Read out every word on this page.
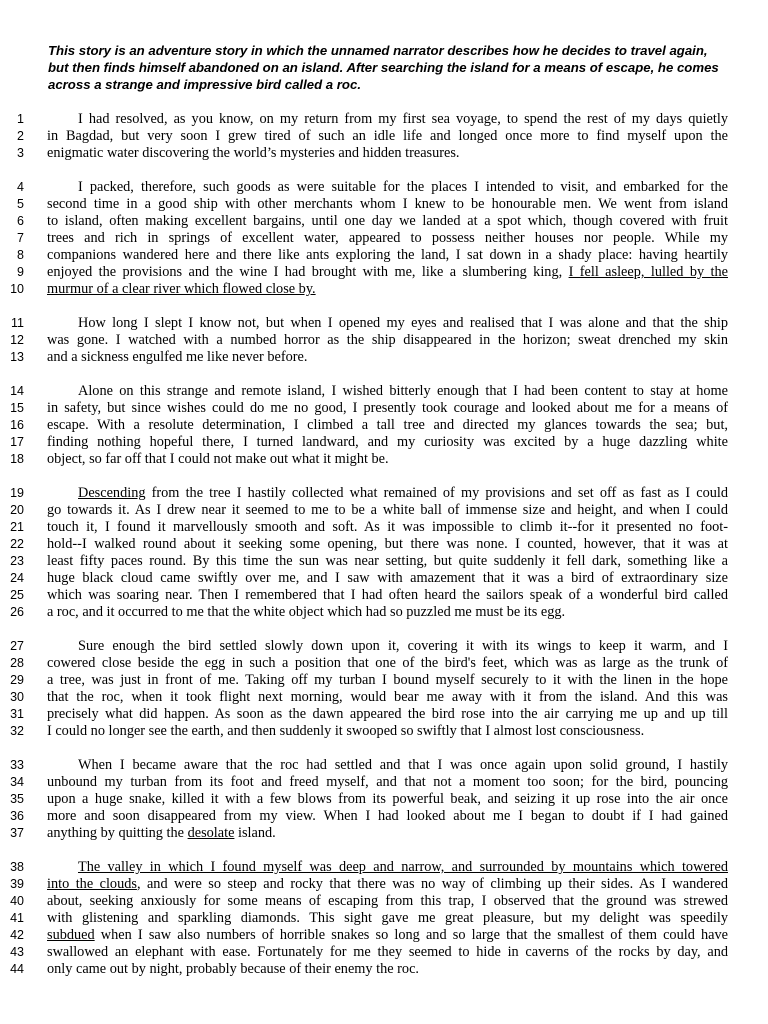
This story is an adventure story in which the unnamed narrator describes how he decides to travel again, but then finds himself abandoned on an island. After searching the island for a means of escape, he comes across a strange and impressive bird called a roc.

1	I had resolved, as you know, on my return from my first sea voyage, to spend the rest of my days quietly
2 in Bagdad, but very soon I grew tired of such an idle life and longed once more to find myself upon the
3 enigmatic water discovering the world’s mysteries and hidden treasures.
4	I packed, therefore, such goods as were suitable for the places I intended to visit, and embarked for the
5 second time in a good ship with other merchants whom I knew to be honourable men. We went from island
6 to island, often making excellent bargains, until one day we landed at a spot which, though covered with fruit
7 trees and rich in springs of excellent water, appeared to possess neither houses nor people. While my
8 companions wandered here and there like ants exploring the land, I sat down in a shady place: having heartily
9 enjoyed the provisions and the wine I had brought with me, like a slumbering king, I fell asleep, lulled by the
10 murmur of a clear river which flowed close by.
11	How long I slept I know not, but when I opened my eyes and realised that I was alone and that the ship
12 was gone. I watched with a numbed horror as the ship disappeared in the horizon; sweat drenched my skin
13 and a sickness engulfed me like never before.
14	Alone on this strange and remote island, I wished bitterly enough that I had been content to stay at home
15 in safety, but since wishes could do me no good, I presently took courage and looked about me for a means of
16 escape. With a resolute determination, I climbed a tall tree and directed my glances towards the sea; but,
17 finding nothing hopeful there, I turned landward, and my curiosity was excited by a huge dazzling white
18 object, so far off that I could not make out what it might be.
19	Descending from the tree I hastily collected what remained of my provisions and set off as fast as I could
20 go towards it. As I drew near it seemed to me to be a white ball of immense size and height, and when I could
21 touch it, I found it marvellously smooth and soft. As it was impossible to climb it--for it presented no foot-
22 hold--I walked round about it seeking some opening, but there was none. I counted, however, that it was at
23 least fifty paces round. By this time the sun was near setting, but quite suddenly it fell dark, something like a
24 huge black cloud came swiftly over me, and I saw with amazement that it was a bird of extraordinary size
25 which was soaring near. Then I remembered that I had often heard the sailors speak of a wonderful bird called
26 a roc, and it occurred to me that the white object which had so puzzled me must be its egg.
27	Sure enough the bird settled slowly down upon it, covering it with its wings to keep it warm, and I
28 cowered close beside the egg in such a position that one of the bird's feet, which was as large as the trunk of
29 a tree, was just in front of me. Taking off my turban I bound myself securely to it with the linen in the hope
30 that the roc, when it took flight next morning, would bear me away with it from the island. And this was
31 precisely what did happen. As soon as the dawn appeared the bird rose into the air carrying me up and up till
32 I could no longer see the earth, and then suddenly it swooped so swiftly that I almost lost consciousness.
33	When I became aware that the roc had settled and that I was once again upon solid ground, I hastily
34 unbound my turban from its foot and freed myself, and that not a moment too soon; for the bird, pouncing
35 upon a huge snake, killed it with a few blows from its powerful beak, and seizing it up rose into the air once
36 more and soon disappeared from my view. When I had looked about me I began to doubt if I had gained
37 anything by quitting the desolate island.
38	The valley in which I found myself was deep and narrow, and surrounded by mountains which towered
39 into the clouds, and were so steep and rocky that there was no way of climbing up their sides. As I wandered
40 about, seeking anxiously for some means of escaping from this trap, I observed that the ground was strewed
41 with glistening and sparkling diamonds. This sight gave me great pleasure, but my delight was speedily
42 subdued when I saw also numbers of horrible snakes so long and so large that the smallest of them could have
43 swallowed an elephant with ease. Fortunately for me they seemed to hide in caverns of the rocks by day, and
44 only came out by night, probably because of their enemy the roc.
